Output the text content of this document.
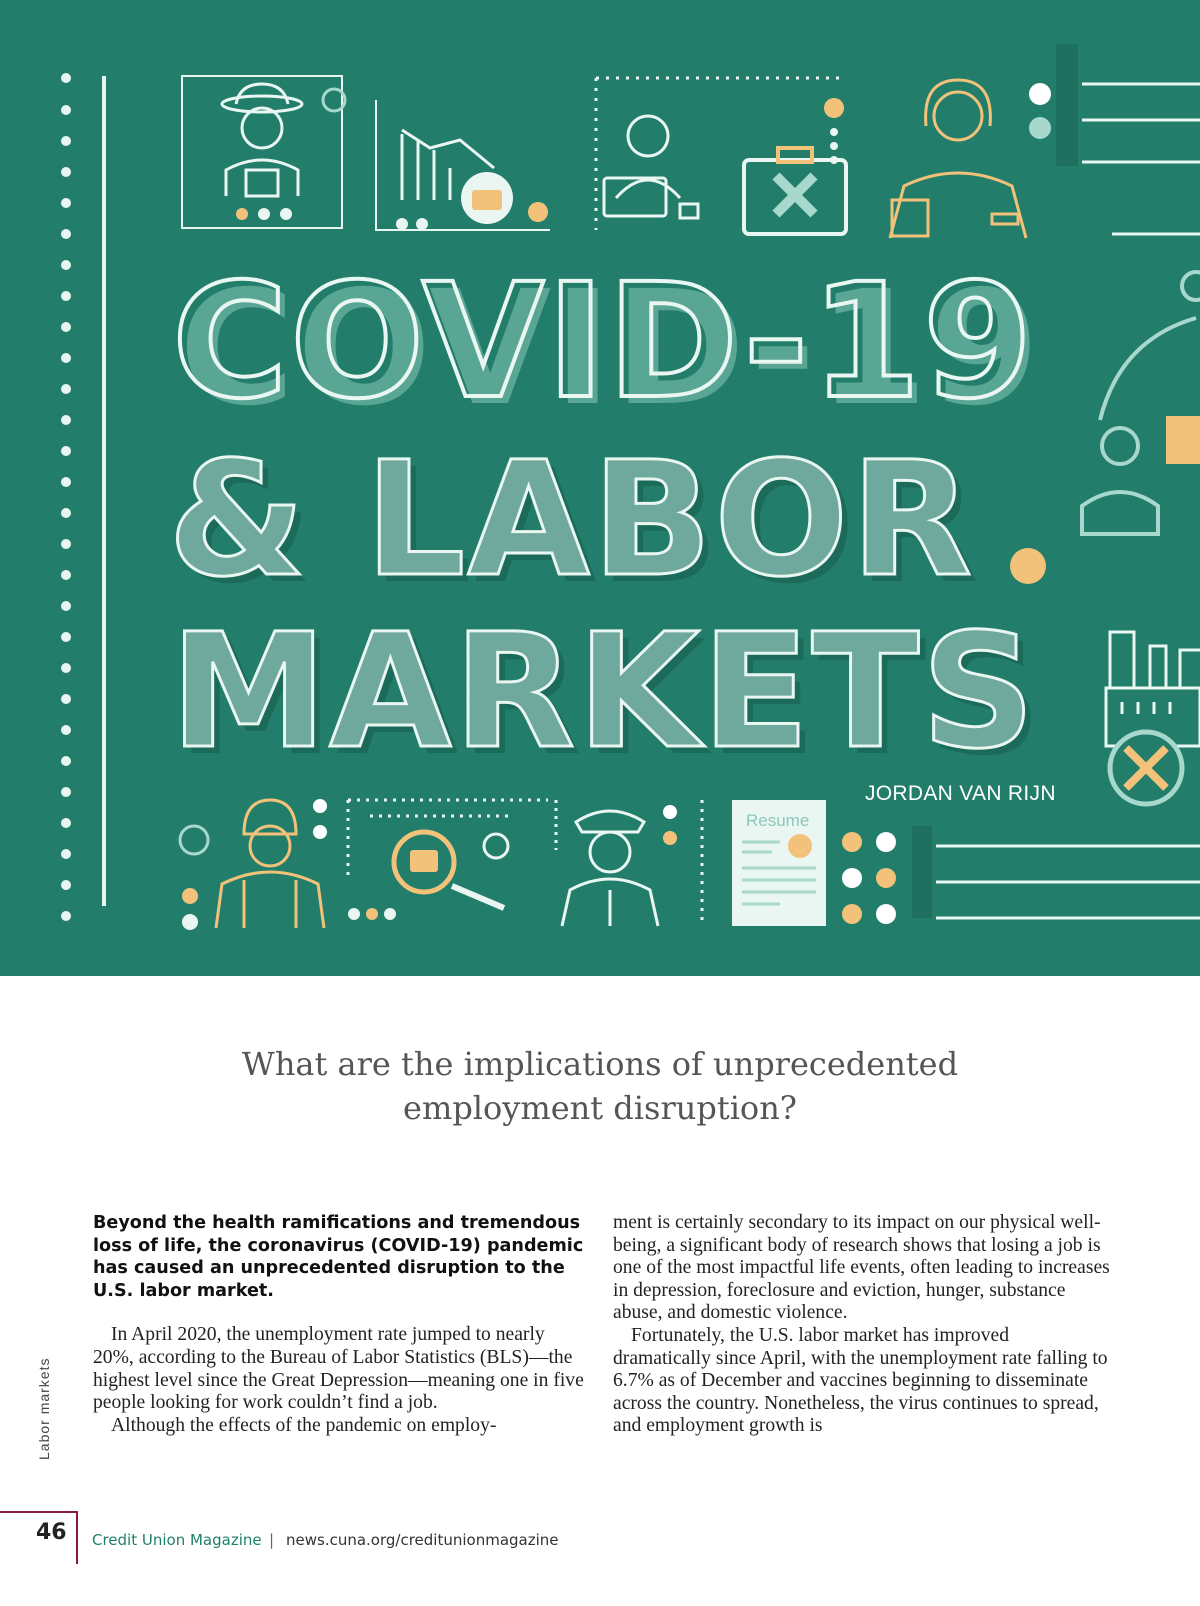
Resume
COVID-19
& LABOR
MARKETS
JORDAN VAN RIJN
What are the implications of unprecedented
employment disruption?

Beyond the health ramifications and tremendous loss of life, the coronavirus (COVID-19) pandemic has caused an unprecedented disruption to the U.S. labor market.

In April 2020, the unemployment rate jumped to nearly 20%, according to the Bureau of Labor Statistics (BLS)—the highest level since the Great Depression—meaning one in five people looking for work couldn’t find a job.

Although the effects of the pandemic on employ-

ment is certainly secondary to its impact on our physical well-being, a significant body of research shows that losing a job is one of the most impactful life events, often leading to increases in depression, foreclosure and eviction, hunger, substance abuse, and domestic violence.

Fortunately, the U.S. labor market has improved dramatically since April, with the unemployment rate falling to 6.7% as of December and vaccines beginning to disseminate across the country. Nonetheless, the virus continues to spread, and employment growth is

Labor markets
46 Credit Union Magazine | news.cuna.org/creditunionmagazine
